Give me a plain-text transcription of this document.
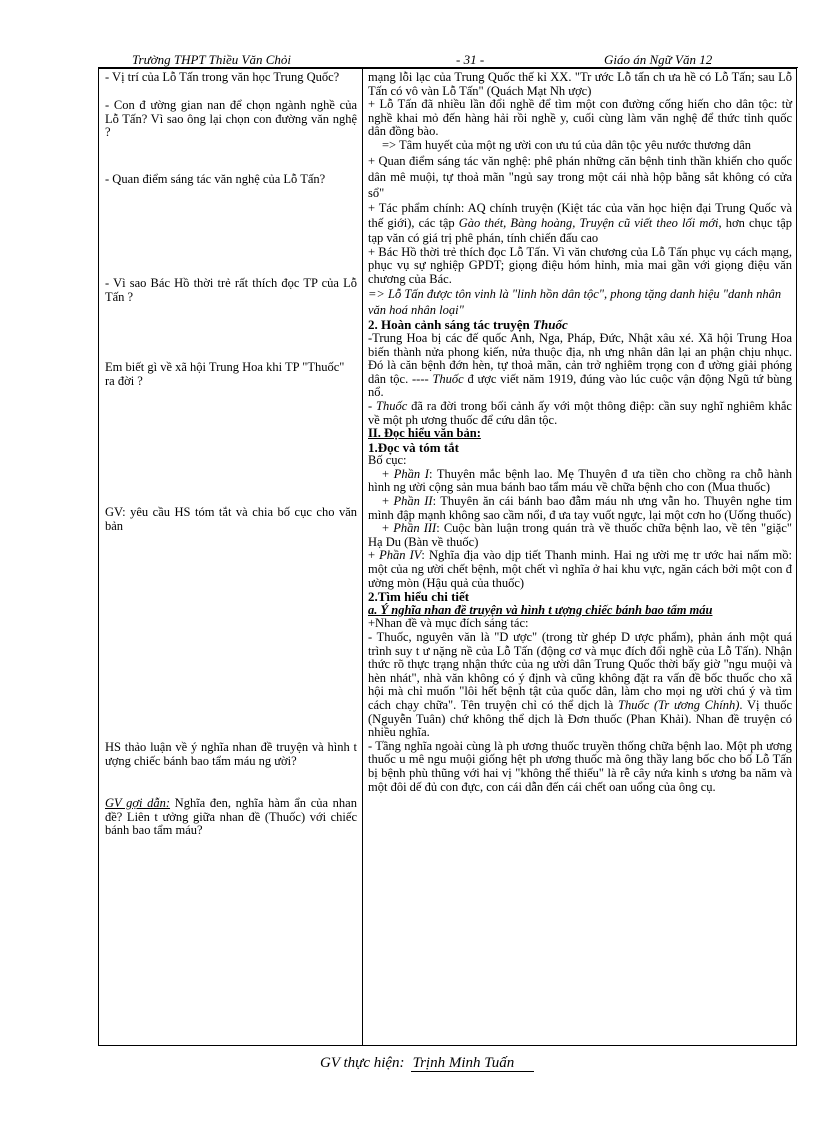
Trường THPT Thiều Văn Chỏi	- 31 -	Giáo án Ngữ Văn 12
- Vị trí của Lỗ Tấn trong văn học Trung Quốc?
- Con đ ường gian nan để chọn ngành nghề của Lỗ Tấn? Vì sao ông lại chọn con đường văn nghệ ?
- Quan điểm sáng tác văn nghệ của Lỗ Tấn?
- Vì sao Bác Hồ thời trẻ rất thích đọc TP của Lỗ Tấn ?
Em biết gì về xã hội Trung Hoa khi TP "Thuốc" ra đời ?
GV: yêu cầu HS tóm tắt và chia bố cục cho văn bản
HS thảo luận về ý nghĩa nhan đề truyện và hình t ượng chiếc bánh bao tẩm máu ng ười?
GV gợi dẫn: Nghĩa đen, nghĩa hàm ẩn của nhan đề? Liên t ưởng giữa nhan đề (Thuốc) với chiếc bánh bao tẩm máu?

mạng lỗi lạc của Trung Quốc thế kỉ XX. "Tr ước Lỗ tấn ch ưa hề có Lỗ Tấn; sau Lỗ Tấn có vô vàn Lỗ Tấn" (Quách Mạt Nh ược)

+ Lỗ Tấn đã nhiều lần đổi nghề để tìm một con đường cống hiến cho dân tộc: từ nghề khai mỏ đến hàng hải rồi nghề y, cuối cùng làm văn nghệ để thức tỉnh quốc dân đồng bào.

=> Tâm huyết của một ng ười con ưu tú của dân tộc yêu nước thương dân

+ Quan điểm sáng tác văn nghệ: phê phán những căn bệnh tinh thần khiến cho quốc dân mê muội, tự thoả mãn "ngủ say trong một cái nhà hộp bằng sắt không có cửa sổ"

+ Tác phẩm chính: AQ chính truyện (Kiệt tác của văn học hiện đại Trung Quốc và thế giới), các tập Gào thét, Bàng hoàng, Truyện cũ viết theo lối mới, hơn chục tập tạp văn có giá trị phê phán, tính chiến đấu cao

+ Bác Hồ thời trẻ thích đọc Lỗ Tấn. Vì văn chương của Lỗ Tấn phục vụ cách mạng, phục vụ sự nghiệp GPDT; giọng điệu hóm hỉnh, mỉa mai gần với giọng điệu văn chương của Bác.

=> Lỗ Tấn được tôn vinh là "linh hồn dân tộc", phong tặng danh hiệu "danh nhân văn hoá nhân loại"

2. Hoàn cảnh sáng tác truyện Thuốc

-Trung Hoa bị các đế quốc Anh, Nga, Pháp, Đức, Nhật xâu xé. Xã hội Trung Hoa biến thành nửa phong kiến, nửa thuộc địa, nh ưng nhân dân lại an phận chịu nhục. Đó là căn bệnh đớn hèn, tự thoả mãn, cản trở nghiêm trọng con đ ường giải phóng dân tộc. ---- Thuốc đ ược viết năm 1919, đúng vào lúc cuộc vận động Ngũ tứ bùng nổ.

- Thuốc đã ra đời trong bối cảnh ấy với một thông điệp: cần suy nghĩ nghiêm khắc về một ph ương thuốc để cứu dân tộc.

II. Đọc hiểu văn bản:

1.Đọc và tóm tắt

Bố cục:

+ Phần I: Thuyên mắc bệnh lao. Mẹ Thuyên đ ưa tiền cho chồng ra chỗ hành hình ng ười cộng sản mua bánh bao tẩm máu về chữa bệnh cho con (Mua thuốc)

+ Phần II: Thuyên ăn cái bánh bao đẫm máu nh ưng vẫn ho. Thuyên nghe tim mình đập mạnh không sao cầm nổi, đ ưa tay vuốt ngực, lại một cơn ho (Uống thuốc)

+ Phần III: Cuộc bàn luận trong quán trà về thuốc chữa bệnh lao, về tên "giặc" Hạ Du (Bàn về thuốc)

+ Phần IV: Nghĩa địa vào dịp tiết Thanh minh. Hai ng ười mẹ tr ước hai nấm mồ: một của ng ười chết bệnh, một chết vì nghĩa ở hai khu vực, ngăn cách bởi một con đ ường mòn (Hậu quả của thuốc)

2.Tìm hiểu chi tiết

a. Ý nghĩa nhan đề truyện và hình t ượng chiếc bánh bao tẩm máu

+Nhan đề và mục đích sáng tác:

- Thuốc, nguyên văn là "D ược" (trong từ ghép D ược phẩm), phản ánh một quá trình suy t ư nặng nề của Lỗ Tấn (động cơ và mục đích đổi nghề của Lỗ Tấn). Nhận thức rõ thực trạng nhận thức của ng ười dân Trung Quốc thời bấy giờ "ngu muội và hèn nhát", nhà văn không có ý định và cũng không đặt ra vấn đề bốc thuốc cho xã hội mà chỉ muốn "lôi hết bệnh tật của quốc dân, làm cho mọi ng ười chú ý và tìm cách chạy chữa". Tên truyện chỉ có thể dịch là Thuốc (Tr ương Chính). Vị thuốc (Nguyễn Tuân) chứ không thể dịch là Đơn thuốc (Phan Khải). Nhan đề truyện có nhiều nghĩa.

- Tầng nghĩa ngoài cùng là ph ương thuốc truyền thống chữa bệnh lao. Một ph ương thuốc u mê ngu muội giống hệt ph ương thuốc mà ông thầy lang bốc cho bố Lỗ Tấn bị bệnh phù thũng với hai vị "không thể thiếu" là rễ cây nứa kinh s ương ba năm và một đôi dế đủ con đực, con cái dẫn đến cái chết oan uổng của ông cụ.

GV thực hiện: Trịnh Minh Tuấn
